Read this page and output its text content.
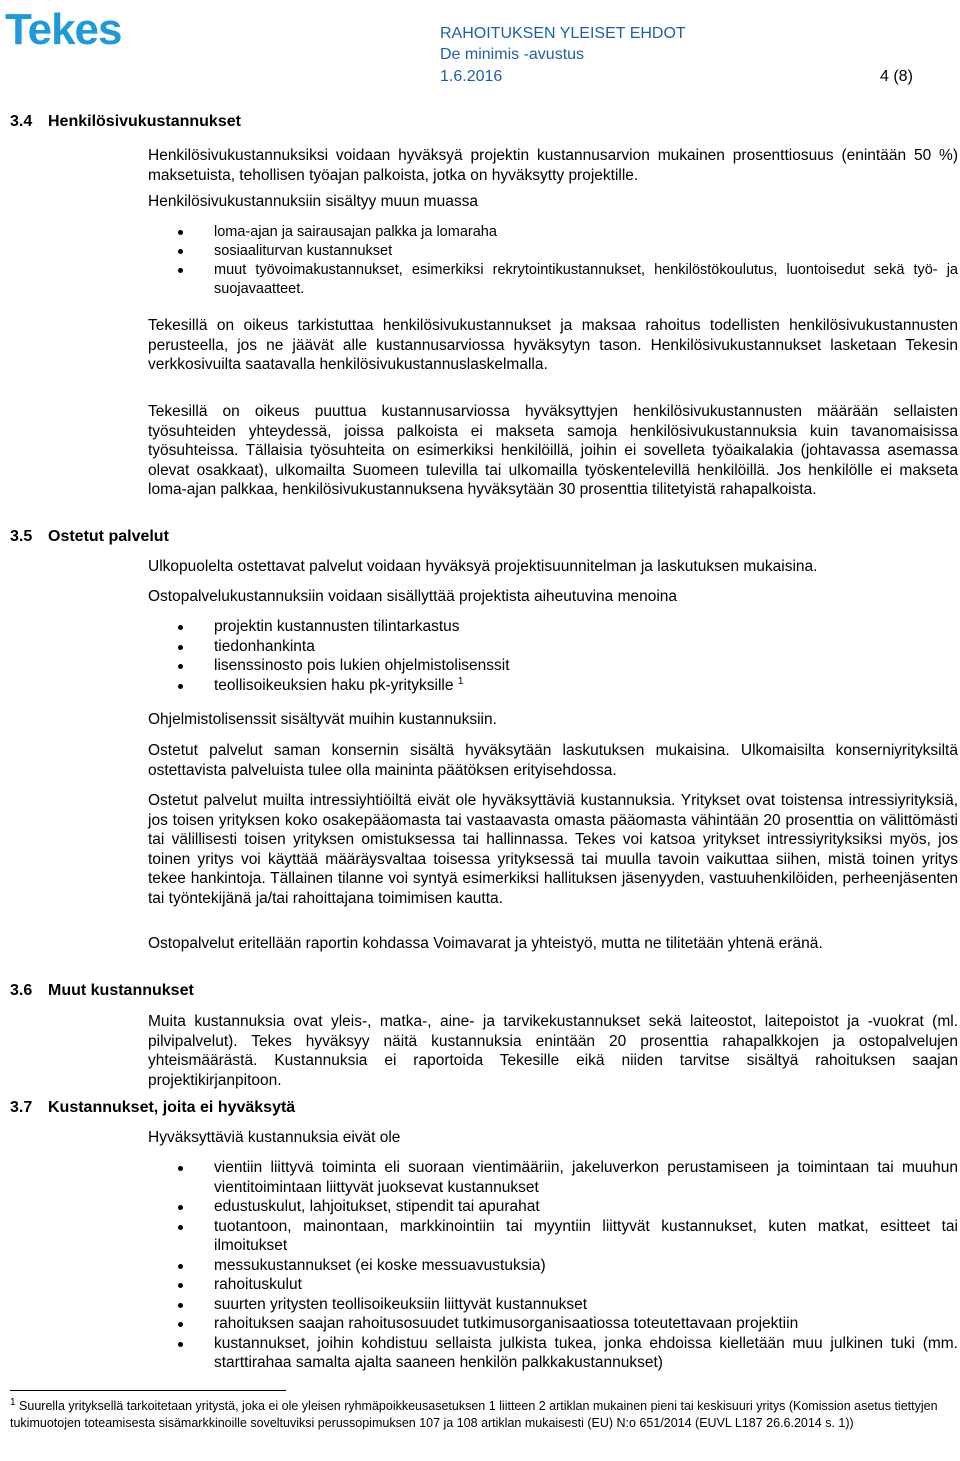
Tekes	RAHOITUKSEN YLEISET EHDOT
De minimis -avustus
1.6.2016	4 (8)
3.4 Henkilösivukustannukset
Henkilösivukustannuksiksi voidaan hyväksyä projektin kustannusarvion mukainen prosenttiosuus (enintään 50 %) maksetuista, tehollisen työajan palkoista, jotka on hyväksytty projektille.
Henkilösivukustannuksiin sisältyy muun muassa
loma-ajan ja sairausajan palkka ja lomaraha
sosiaaliturvan kustannukset
muut työvoimakustannukset, esimerkiksi rekrytointikustannukset, henkilöstökoulutus, luontoisedut sekä työ- ja suojavaatteet.
Tekesillä on oikeus tarkistuttaa henkilösivukustannukset ja maksaa rahoitus todellisten henkilösivukustannusten perusteella, jos ne jäävät alle kustannusarviossa hyväksytyn tason. Henkilösivukustannukset lasketaan Tekesin verkkosivuilta saatavalla henkilösivukustannuslaskelmalla.
Tekesillä on oikeus puuttua kustannusarviossa hyväksyttyjen henkilösivukustannusten määrään sellaisten työsuhteiden yhteydessä, joissa palkoista ei makseta samoja henkilösivukustannuksia kuin tavanomaisissa työsuhteissa. Tällaisia työsuhteita on esimerkiksi henkilöillä, joihin ei sovelleta työaikalakia (johtavassa asemassa olevat osakkaat), ulkomailta Suomeen tulevilla tai ulkomailla työskentelevillä henkilöillä. Jos henkilölle ei makseta loma-ajan palkkaa, henkilösivukustannuksena hyväksytään 30 prosenttia tilitetyistä rahapalkoista.
3.5 Ostetut palvelut
Ulkopuolelta ostettavat palvelut voidaan hyväksyä projektisuunnitelman ja laskutuksen mukaisina.
Ostopalvelukustannuksiin voidaan sisällyttää projektista aiheutuvina menoina
projektin kustannusten tilintarkastus
tiedonhankinta
lisenssinosto pois lukien ohjelmistolisenssit
teollisoikeuksien haku pk-yrityksille $^1$
Ohjelmistolisenssit sisältyvät muihin kustannuksiin.
Ostetut palvelut saman konsernin sisältä hyväksytään laskutuksen mukaisina. Ulkomaisilta konserniyrityksiltä ostettavista palveluista tulee olla maininta päätöksen erityisehdossa.
Ostetut palvelut muilta intressiyhtiöiltä eivät ole hyväksyttäviä kustannuksia. Yritykset ovat toistensa intressiyrityksiä, jos toisen yrityksen koko osakepääomasta tai vastaavasta omasta pääomasta vähintään 20 prosenttia on välittömästi tai välillisesti toisen yrityksen omistuksessa tai hallinnassa. Tekes voi katsoa yritykset intressiyrityksiksi myös, jos toinen yritys voi käyttää määräysvaltaa toisessa yrityksessä tai muulla tavoin vaikuttaa siihen, mistä toinen yritys tekee hankintoja. Tällainen tilanne voi syntyä esimerkiksi hallituksen jäsenyyden, vastuuhenkilöiden, perheenjäsenten tai työntekijänä ja/tai rahoittajana toimimisen kautta.
Ostopalvelut eritellään raportin kohdassa Voimavarat ja yhteistyö, mutta ne tilitetään yhtenä eränä.
3.6 Muut kustannukset
Muita kustannuksia ovat yleis-, matka-, aine- ja tarvikekustannukset sekä laiteostot, laitepoistot ja -vuokrat (ml. pilvipalvelut). Tekes hyväksyy näitä kustannuksia enintään 20 prosenttia rahapalkkojen ja ostopalvelujen yhteismäärästä. Kustannuksia ei raportoida Tekesille eikä niiden tarvitse sisältyä rahoituksen saajan projektikirjanpitoon.
3.7 Kustannukset, joita ei hyväksytä
Hyväksyttäviä kustannuksia eivät ole
vientiin liittyvä toiminta eli suoraan vientimääriin, jakeluverkon perustamiseen ja toimintaan tai muuhun vientitoimintaan liittyvät juoksevat kustannukset
edustuskulut, lahjoitukset, stipendit tai apurahat
tuotantoon, mainontaan, markkinointiin tai myyntiin liittyvät kustannukset, kuten matkat, esitteet tai ilmoitukset
messukustannukset (ei koske messuavustuksia)
rahoituskulut
suurten yritysten teollisoikeuksiin liittyvät kustannukset
rahoituksen saajan rahoitusosuudet tutkimusorganisaatiossa toteutettavaan projektiin
kustannukset, joihin kohdistuu sellaista julkista tukea, jonka ehdoissa kielletään muu julkinen tuki (mm. starttirahaa samalta ajalta saaneen henkilön palkkakustannukset)
$^1$ Suurella yrityksellä tarkoitetaan yritystä, joka ei ole yleisen ryhmäpoikkeusasetuksen 1 liitteen 2 artiklan mukainen pieni tai keskisuuri yritys (Komission asetus tiettyjen tukimuotojen toteamisesta sisämarkkinoille soveltuviksi perussopimuksen 107 ja 108 artiklan mukaisesti (EU) N:o 651/2014 (EUVL L187 26.6.2014 s. 1))
